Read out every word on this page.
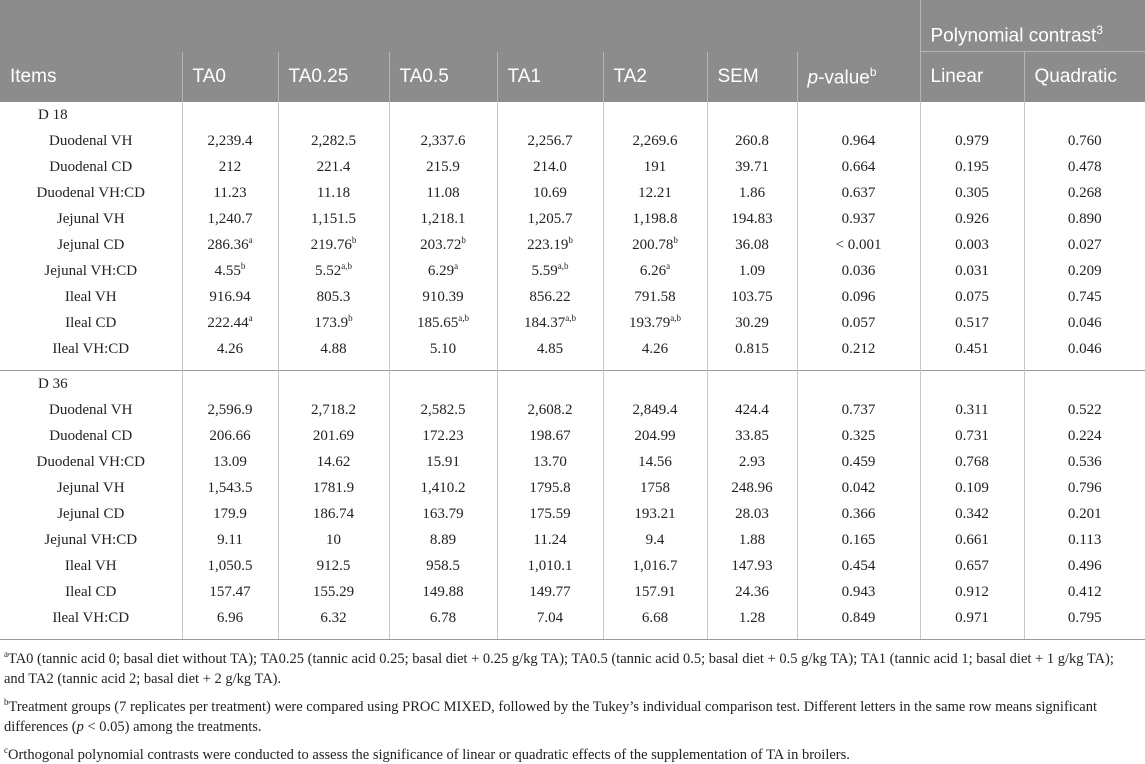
								Polynomial contrast$^3$
Items	TA0	TA0.25	TA0.5	TA1	TA2	SEM	p-value$^b$	Linear	Quadratic
D 18									
Duodenal VH	2,239.4	2,282.5	2,337.6	2,256.7	2,269.6	260.8	0.964	0.979	0.760
Duodenal CD	212	221.4	215.9	214.0	191	39.71	0.664	0.195	0.478
Duodenal VH:CD	11.23	11.18	11.08	10.69	12.21	1.86	0.637	0.305	0.268
Jejunal VH	1,240.7	1,151.5	1,218.1	1,205.7	1,198.8	194.83	0.937	0.926	0.890
Jejunal CD	286.36$^a$	219.76$^b$	203.72$^b$	223.19$^b$	200.78$^b$	36.08	< 0.001	0.003	0.027
Jejunal VH:CD	4.55$^b$	5.52$^{a,b}$	6.29$^a$	5.59$^{a,b}$	6.26$^a$	1.09	0.036	0.031	0.209
Ileal VH	916.94	805.3	910.39	856.22	791.58	103.75	0.096	0.075	0.745
Ileal CD	222.44$^a$	173.9$^b$	185.65$^{a,b}$	184.37$^{a,b}$	193.79$^{a,b}$	30.29	0.057	0.517	0.046
Ileal VH:CD	4.26	4.88	5.10	4.85	4.26	0.815	0.212	0.451	0.046

D 36									
Duodenal VH	2,596.9	2,718.2	2,582.5	2,608.2	2,849.4	424.4	0.737	0.311	0.522
Duodenal CD	206.66	201.69	172.23	198.67	204.99	33.85	0.325	0.731	0.224
Duodenal VH:CD	13.09	14.62	15.91	13.70	14.56	2.93	0.459	0.768	0.536
Jejunal VH	1,543.5	1781.9	1,410.2	1795.8	1758	248.96	0.042	0.109	0.796
Jejunal CD	179.9	186.74	163.79	175.59	193.21	28.03	0.366	0.342	0.201
Jejunal VH:CD	9.11	10	8.89	11.24	9.4	1.88	0.165	0.661	0.113
Ileal VH	1,050.5	912.5	958.5	1,010.1	1,016.7	147.93	0.454	0.657	0.496
Ileal CD	157.47	155.29	149.88	149.77	157.91	24.36	0.943	0.912	0.412
Ileal VH:CD	6.96	6.32	6.78	7.04	6.68	1.28	0.849	0.971	0.795

$^a$TA0 (tannic acid 0; basal diet without TA); TA0.25 (tannic acid 0.25; basal diet + 0.25 g/kg TA); TA0.5 (tannic acid 0.5; basal diet + 0.5 g/kg TA); TA1 (tannic acid 1; basal diet + 1 g/kg TA); and TA2 (tannic acid 2; basal diet + 2 g/kg TA).

$^b$Treatment groups (7 replicates per treatment) were compared using PROC MIXED, followed by the Tukey’s individual comparison test. Different letters in the same row means significant differences (p < 0.05) among the treatments.

$^c$Orthogonal polynomial contrasts were conducted to assess the significance of linear or quadratic effects of the supplementation of TA in broilers.
